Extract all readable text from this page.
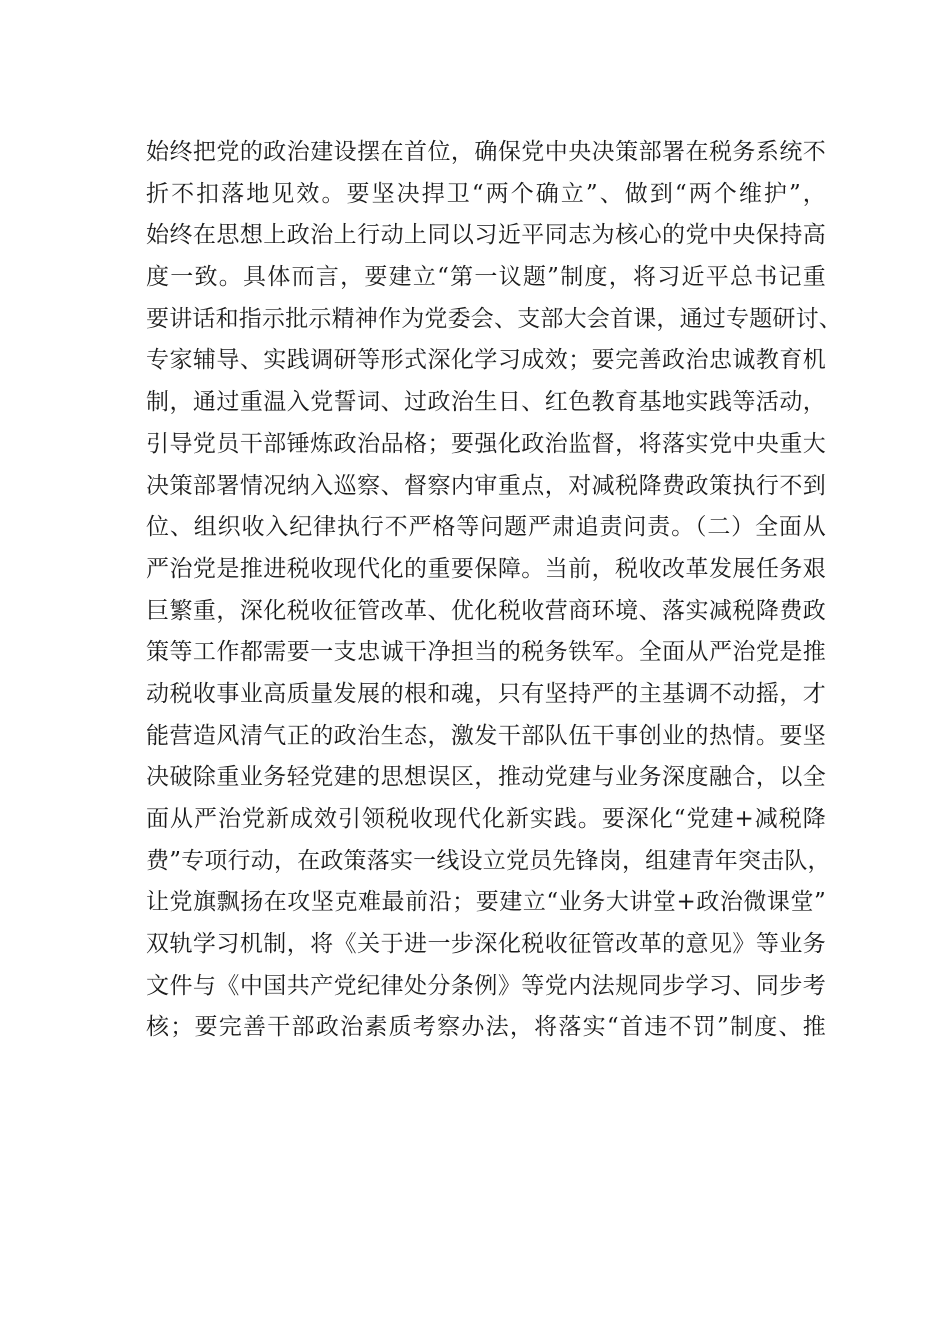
始终把党的政治建设摆在首位，确保党中央决策部署在税务系统不
折不扣落地见效。要坚决捍卫“两个确立”、做到“两个维护”，
始终在思想上政治上行动上同以习近平同志为核心的党中央保持高
度一致。具体而言，要建立“第一议题”制度，将习近平总书记重
要讲话和指示批示精神作为党委会、支部大会首课，通过专题研讨、
专家辅导、实践调研等形式深化学习成效；要完善政治忠诚教育机
制，通过重温入党誓词、过政治生日、红色教育基地实践等活动，
引导党员干部锤炼政治品格；要强化政治监督，将落实党中央重大
决策部署情况纳入巡察、督察内审重点，对减税降费政策执行不到
位、组织收入纪律执行不严格等问题严肃追责问责。（二）全面从
严治党是推进税收现代化的重要保障。当前，税收改革发展任务艰
巨繁重，深化税收征管改革、优化税收营商环境、落实减税降费政
策等工作都需要一支忠诚干净担当的税务铁军。全面从严治党是推
动税收事业高质量发展的根和魂，只有坚持严的主基调不动摇，才
能营造风清气正的政治生态，激发干部队伍干事创业的热情。要坚
决破除重业务轻党建的思想误区，推动党建与业务深度融合，以全
面从严治党新成效引领税收现代化新实践。要深化“党建+减税降
费”专项行动，在政策落实一线设立党员先锋岗，组建青年突击队，
让党旗飘扬在攻坚克难最前沿；要建立“业务大讲堂+政治微课堂”
双轨学习机制，将《关于进一步深化税收征管改革的意见》等业务
文件与《中国共产党纪律处分条例》等党内法规同步学习、同步考
核；要完善干部政治素质考察办法，将落实“首违不罚”制度、推
